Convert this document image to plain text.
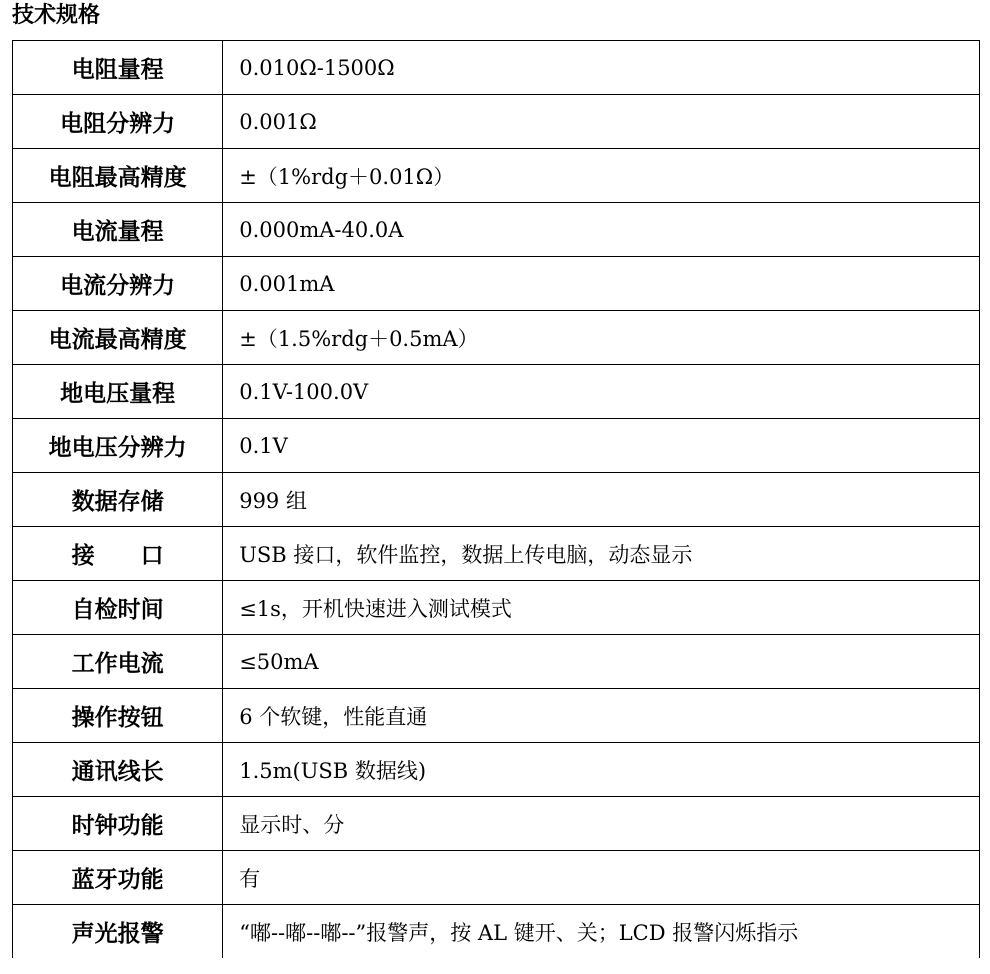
技术规格
电阻量程	0.010Ω-1500Ω
电阻分辨力	0.001Ω
电阻最高精度	±（1%rdg＋0.01Ω）
电流量程	0.000mA-40.0A
电流分辨力	0.001mA
电流最高精度	±（1.5%rdg＋0.5mA）
地电压量程	0.1V-100.0V
地电压分辨力	0.1V
数据存储	999 组
接　　口	USB 接口，软件监控，数据上传电脑，动态显示
自检时间	≤1s，开机快速进入测试模式
工作电流	≤50mA
操作按钮	6 个软键，性能直通
通讯线长	1.5m(USB 数据线)
时钟功能	显示时、分
蓝牙功能	有
声光报警	“嘟--嘟--嘟--”报警声，按 AL 键开、关；LCD 报警闪烁指示
